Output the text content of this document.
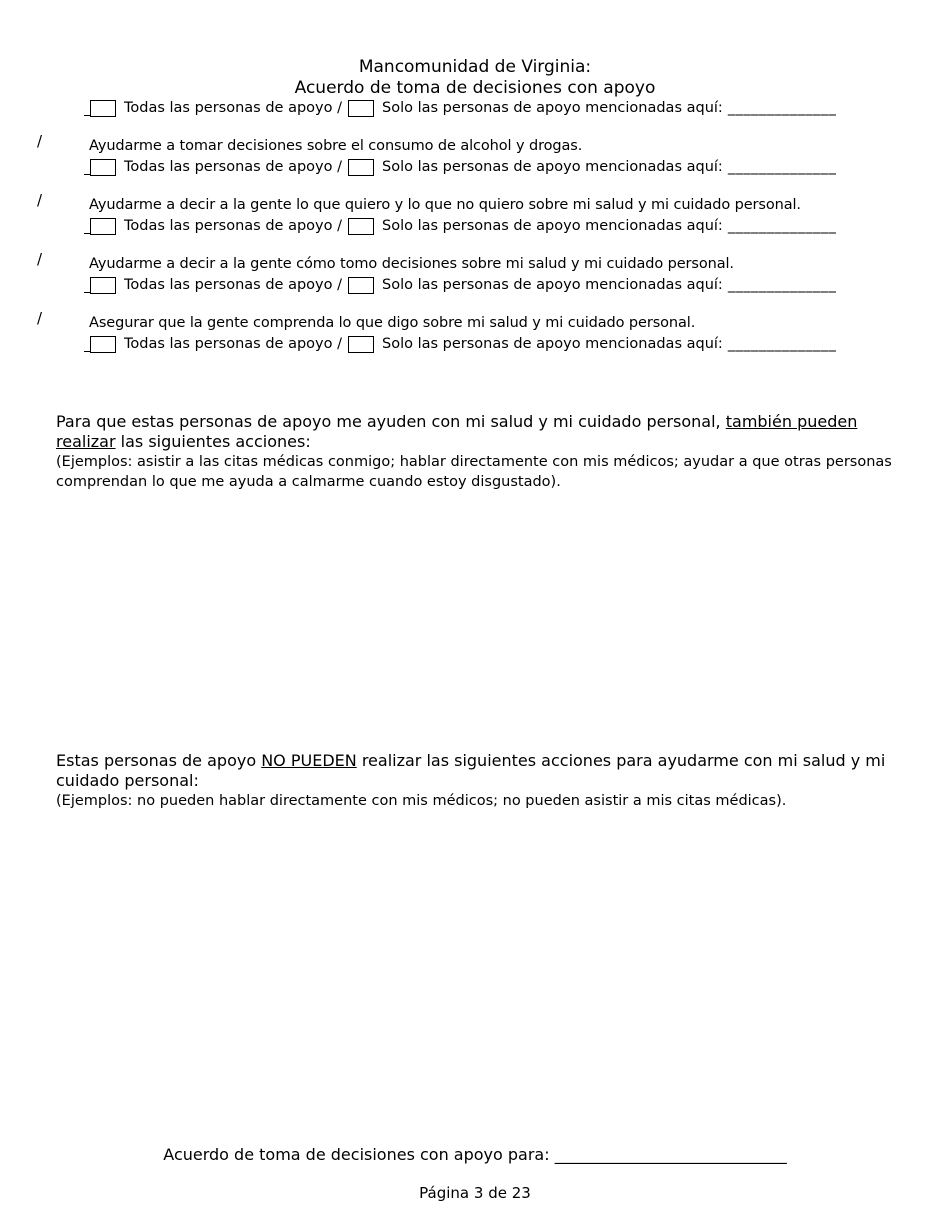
Mancomunidad de Virginia:
Acuerdo de toma de decisiones con apoyo
Todas las personas de apoyo /	Solo las personas de apoyo mencionadas aquí: ______________
/	Ayudarme a tomar decisiones sobre el consumo de alcohol y drogas.
Todas las personas de apoyo /	Solo las personas de apoyo mencionadas aquí: ______________
/	Ayudarme a decir a la gente lo que quiero y lo que no quiero sobre mi salud y mi cuidado personal.
Todas las personas de apoyo /	Solo las personas de apoyo mencionadas aquí: ______________
/	Ayudarme a decir a la gente cómo tomo decisiones sobre mi salud y mi cuidado personal.
Todas las personas de apoyo /	Solo las personas de apoyo mencionadas aquí: ______________
/	Asegurar que la gente comprenda lo que digo sobre mi salud y mi cuidado personal.
Todas las personas de apoyo /	Solo las personas de apoyo mencionadas aquí: ______________
Para que estas personas de apoyo me ayuden con mi salud y mi cuidado personal, también pueden realizar las siguientes acciones:
(Ejemplos: asistir a las citas médicas conmigo; hablar directamente con mis médicos; ayudar a que otras personas comprendan lo que me ayuda a calmarme cuando estoy disgustado).
Estas personas de apoyo NO PUEDEN realizar las siguientes acciones para ayudarme con mi salud y mi cuidado personal:
(Ejemplos: no pueden hablar directamente con mis médicos; no pueden asistir a mis citas médicas).
Acuerdo de toma de decisiones con apoyo para: _____________________________
Página 3 de 23
